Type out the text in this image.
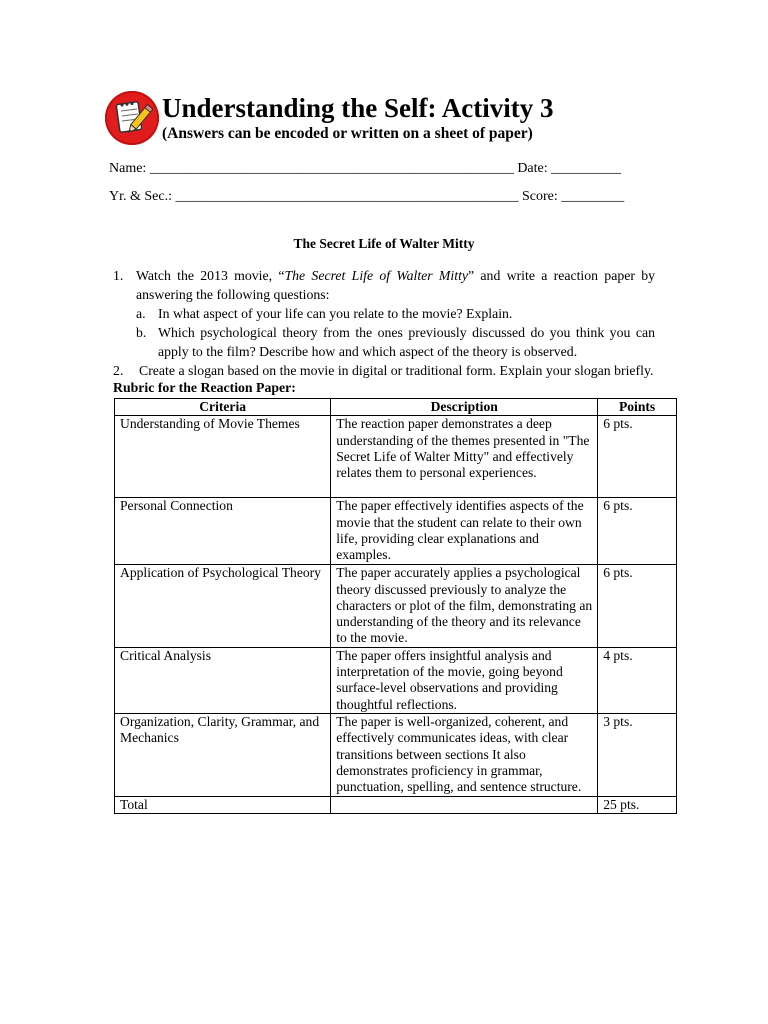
Understanding the Self: Activity 3
(Answers can be encoded or written on a sheet of paper)
Name: ____________________________________________________ Date: __________
Yr. & Sec.: _________________________________________________ Score: _________
The Secret Life of Walter Mitty
1. Watch the 2013 movie, “The Secret Life of Walter Mitty” and write a reaction paper by
answering the following questions:
a. In what aspect of your life can you relate to the movie? Explain.
b. Which psychological theory from the ones previously discussed do you think you can
apply to the film? Describe how and which aspect of the theory is observed.
2. Create a slogan based on the movie in digital or traditional form. Explain your slogan briefly.
Rubric for the Reaction Paper:
Criteria	Description	Points
Understanding of Movie Themes	The reaction paper demonstrates a deep understanding of the themes presented in "The Secret Life of Walter Mitty" and effectively relates them to personal experiences.	6 pts.
Personal Connection	The paper effectively identifies aspects of the movie that the student can relate to their own life, providing clear explanations and examples.	6 pts.
Application of Psychological Theory	The paper accurately applies a psychological theory discussed previously to analyze the characters or plot of the film, demonstrating an understanding of the theory and its relevance to the movie.	6 pts.
Critical Analysis	The paper offers insightful analysis and interpretation of the movie, going beyond surface-level observations and providing thoughtful reflections.	4 pts.
Organization, Clarity, Grammar, and Mechanics	The paper is well-organized, coherent, and effectively communicates ideas, with clear transitions between sections It also demonstrates proficiency in grammar, punctuation, spelling, and sentence structure.	3 pts.
Total		25 pts.
